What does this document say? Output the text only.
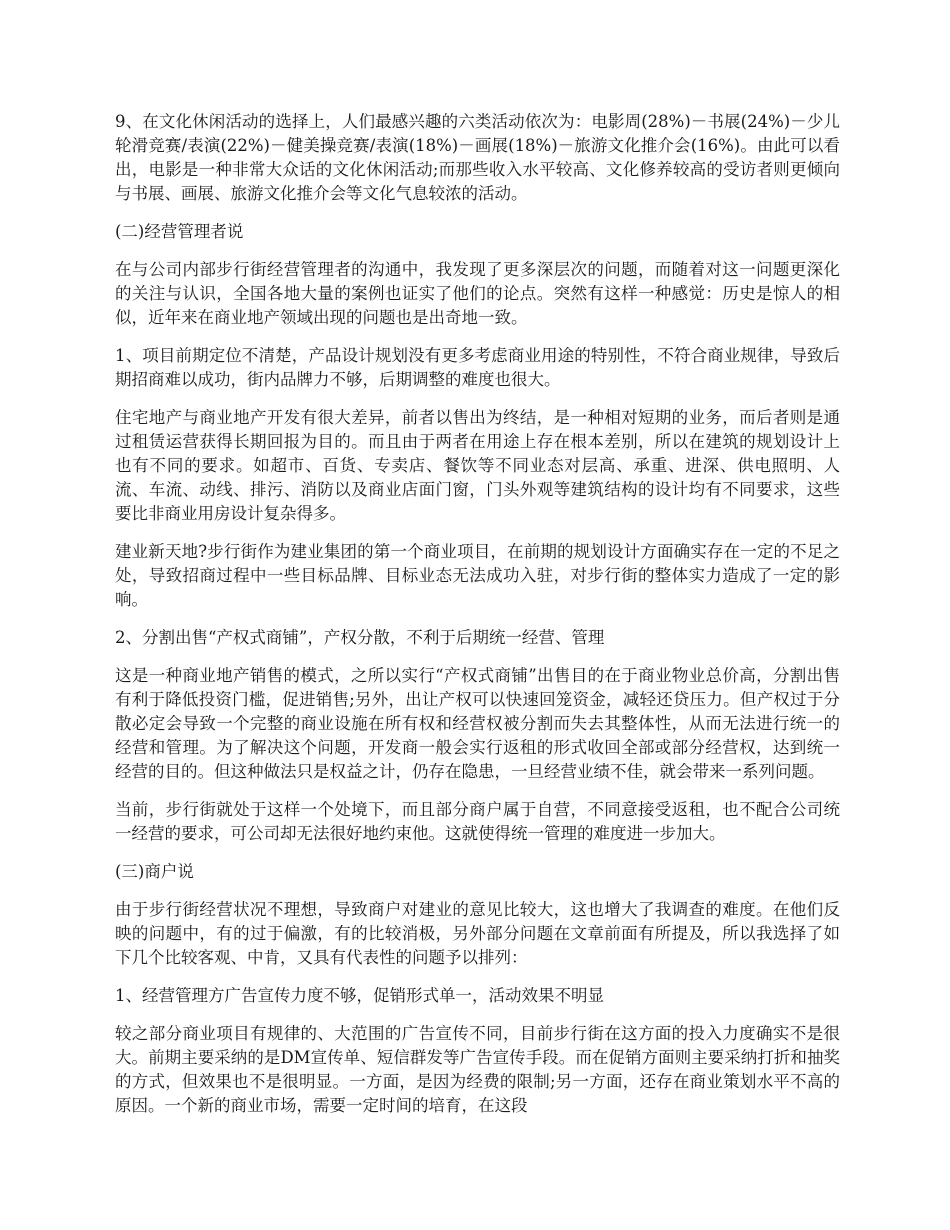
9、在文化休闲活动的选择上，人们最感兴趣的六类活动依次为：电影周(28%)－书展(24%)－少儿轮滑竞赛/表演(22%)－健美操竞赛/表演(18%)－画展(18%)－旅游文化推介会(16%)。由此可以看出，电影是一种非常大众话的文化休闲活动;而那些收入水平较高、文化修养较高的受访者则更倾向与书展、画展、旅游文化推介会等文化气息较浓的活动。

(二)经营管理者说

在与公司内部步行街经营管理者的沟通中，我发现了更多深层次的问题，而随着对这一问题更深化的关注与认识，全国各地大量的案例也证实了他们的论点。突然有这样一种感觉：历史是惊人的相似，近年来在商业地产领域出现的问题也是出奇地一致。

1、项目前期定位不清楚，产品设计规划没有更多考虑商业用途的特别性，不符合商业规律，导致后期招商难以成功，街内品牌力不够，后期调整的难度也很大。

住宅地产与商业地产开发有很大差异，前者以售出为终结，是一种相对短期的业务，而后者则是通过租赁运营获得长期回报为目的。而且由于两者在用途上存在根本差别，所以在建筑的规划设计上也有不同的要求。如超市、百货、专卖店、餐饮等不同业态对层高、承重、进深、供电照明、人流、车流、动线、排污、消防以及商业店面门窗，门头外观等建筑结构的设计均有不同要求，这些要比非商业用房设计复杂得多。

建业新天地?步行街作为建业集团的第一个商业项目，在前期的规划设计方面确实存在一定的不足之处，导致招商过程中一些目标品牌、目标业态无法成功入驻，对步行街的整体实力造成了一定的影响。

2、分割出售“产权式商铺”，产权分散，不利于后期统一经营、管理

这是一种商业地产销售的模式，之所以实行“产权式商铺”出售目的在于商业物业总价高，分割出售有利于降低投资门槛，促进销售;另外，出让产权可以快速回笼资金，减轻还贷压力。但产权过于分散必定会导致一个完整的商业设施在所有权和经营权被分割而失去其整体性，从而无法进行统一的经营和管理。为了解决这个问题，开发商一般会实行返租的形式收回全部或部分经营权，达到统一经营的目的。但这种做法只是权益之计，仍存在隐患，一旦经营业绩不佳，就会带来一系列问题。

当前，步行街就处于这样一个处境下，而且部分商户属于自营，不同意接受返租，也不配合公司统一经营的要求，可公司却无法很好地约束他。这就使得统一管理的难度进一步加大。

(三)商户说

由于步行街经营状况不理想，导致商户对建业的意见比较大，这也增大了我调查的难度。在他们反映的问题中，有的过于偏激，有的比较消极，另外部分问题在文章前面有所提及，所以我选择了如下几个比较客观、中肯，又具有代表性的问题予以排列：

1、经营管理方广告宣传力度不够，促销形式单一，活动效果不明显

较之部分商业项目有规律的、大范围的广告宣传不同，目前步行街在这方面的投入力度确实不是很大。前期主要采纳的是DM宣传单、短信群发等广告宣传手段。而在促销方面则主要采纳打折和抽奖的方式，但效果也不是很明显。一方面，是因为经费的限制;另一方面，还存在商业策划水平不高的原因。一个新的商业市场，需要一定时间的培育，在这段
